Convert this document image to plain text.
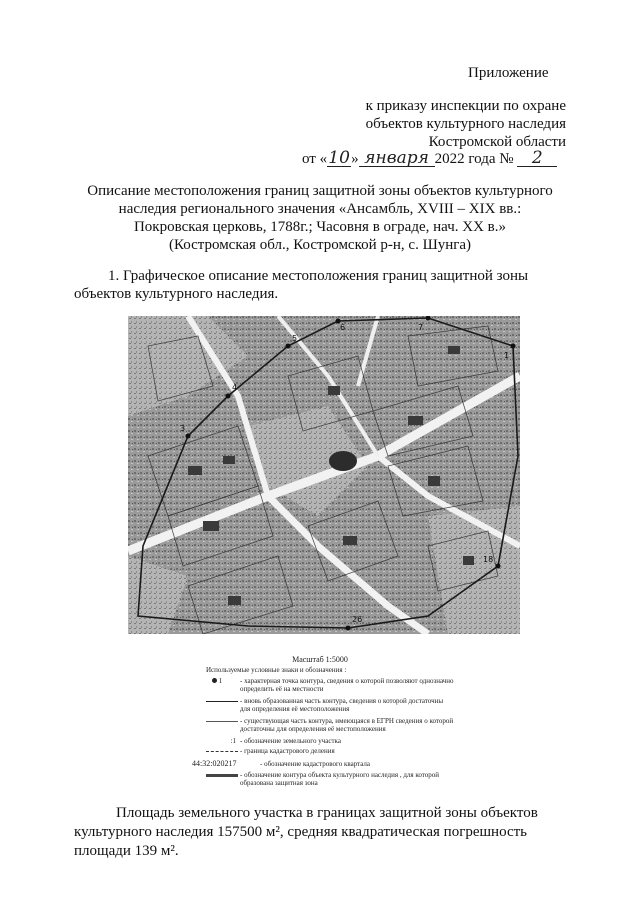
Приложение
к приказу инспекции по охране
объектов культурного наследия
Костромской области
от «10» января 2022 года № 2
Описание местоположения границ защитной зоны объектов культурного
наследия регионального значения «Ансамбль, XVIII – XIX вв.:
Покровская церковь, 1788г.; Часовня в ограде, нач. XX в.»
(Костромская обл., Костромской р-н, с. Шунга)
1. Графическое описание местоположения границ защитной зоны
объектов культурного наследия.
3
4
5
6	7
1
18
26
Масштаб 1:5000
Используемые условные знаки и обозначения :
1	- характерная точка контура, сведения о которой позволяют однозначно определить её на местности
- вновь образованная часть контура, сведения о которой достаточны для определения её местоположения
- существующая часть контура, имеющаяся в ЕГРН сведения о которой достаточны для определения её местоположения
:1 - обозначение земельного участка
- граница кадастрового деления
44:32:020217	- обозначение кадастрового квартала
- обозначение контура объекта культурного наследия , для которой образована защитная зона
Площадь земельного участка в границах защитной зоны объектов
культурного наследия 157500 м², средняя квадратическая погрешность
площади 139 м².
